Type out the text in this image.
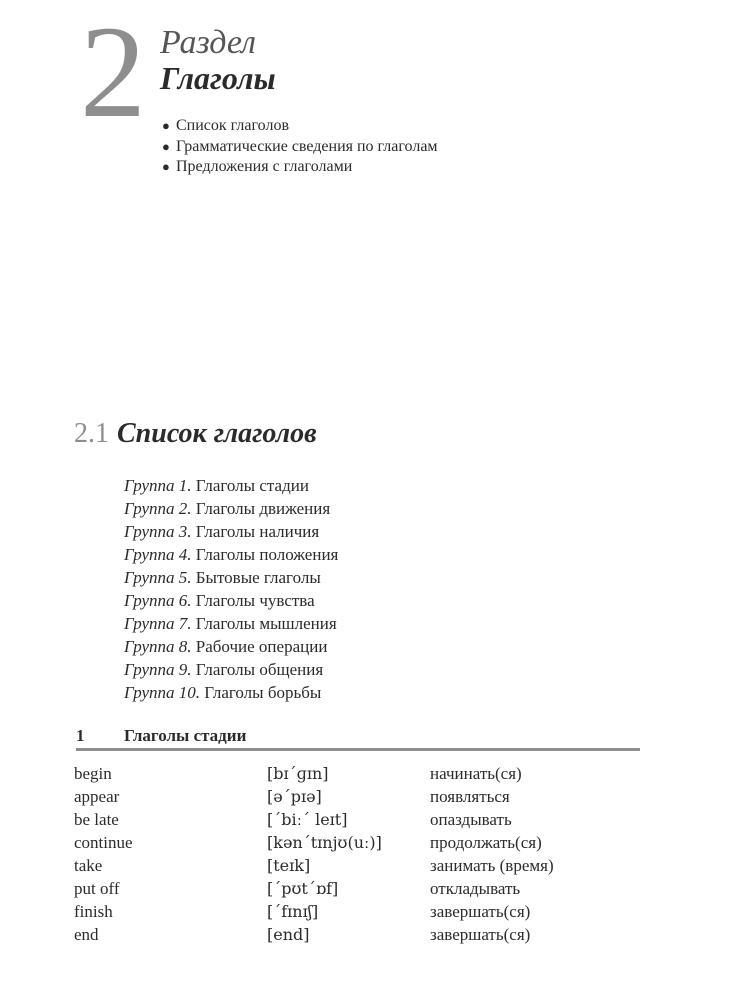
2 Раздел
Глаголы
● Список глаголов
● Грамматические сведения по глаголам
● Предложения с глаголами
2.1 Список глаголов
Группа 1. Глаголы стадии
Группа 2. Глаголы движения
Группа 3. Глаголы наличия
Группа 4. Глаголы положения
Группа 5. Бытовые глаголы
Группа 6. Глаголы чувства
Группа 7. Глаголы мышления
Группа 8. Рабочие операции
Группа 9. Глаголы общения
Группа 10. Глаголы борьбы
1 Глаголы стадии
begin	[bɪˊɡɪn]	начинать(ся)
appear	[əˊpɪə]	появляться
be late	[ˊbiːˊ leɪt]	опаздывать
continue	[kənˊtɪnjʊ(uː)]	продолжать(ся)
take	[teɪk]	занимать (время)
put off	[ˊpʊtˊɒf]	откладывать
finish	[ˊfɪnɪʃ]	завершать(ся)
end	[end]	завершать(ся)
